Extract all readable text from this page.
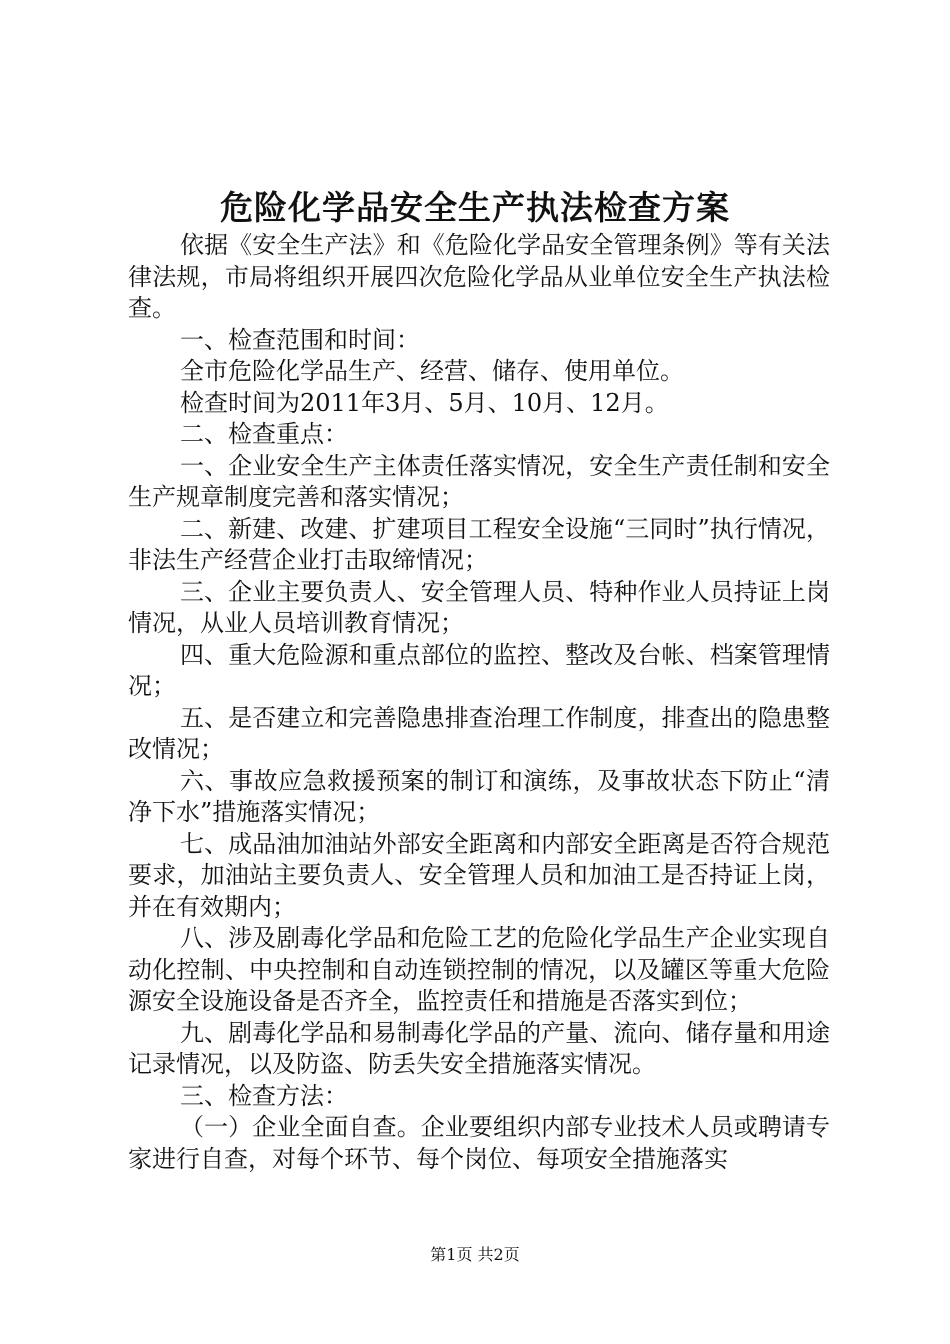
危险化学品安全生产执法检查方案

依据《安全生产法》和《危险化学品安全管理条例》等有关法律法规，市局将组织开展四次危险化学品从业单位安全生产执法检查。

一、检查范围和时间：

全市危险化学品生产、经营、储存、使用单位。

检查时间为2011年3月、5月、10月、12月。

二、检查重点：

一、企业安全生产主体责任落实情况，安全生产责任制和安全生产规章制度完善和落实情况；

二、新建、改建、扩建项目工程安全设施“三同时”执行情况，非法生产经营企业打击取缔情况；

三、企业主要负责人、安全管理人员、特种作业人员持证上岗情况，从业人员培训教育情况；

四、重大危险源和重点部位的监控、整改及台帐、档案管理情况；

五、是否建立和完善隐患排查治理工作制度，排查出的隐患整改情况；

六、事故应急救援预案的制订和演练，及事故状态下防止“清净下水”措施落实情况；

七、成品油加油站外部安全距离和内部安全距离是否符合规范要求，加油站主要负责人、安全管理人员和加油工是否持证上岗，并在有效期内；

八、涉及剧毒化学品和危险工艺的危险化学品生产企业实现自动化控制、中央控制和自动连锁控制的情况，以及罐区等重大危险源安全设施设备是否齐全，监控责任和措施是否落实到位；

九、剧毒化学品和易制毒化学品的产量、流向、储存量和用途记录情况，以及防盗、防丢失安全措施落实情况。

三、检查方法：

（一）企业全面自查。企业要组织内部专业技术人员或聘请专家进行自查，对每个环节、每个岗位、每项安全措施落实

第1页 共2页
